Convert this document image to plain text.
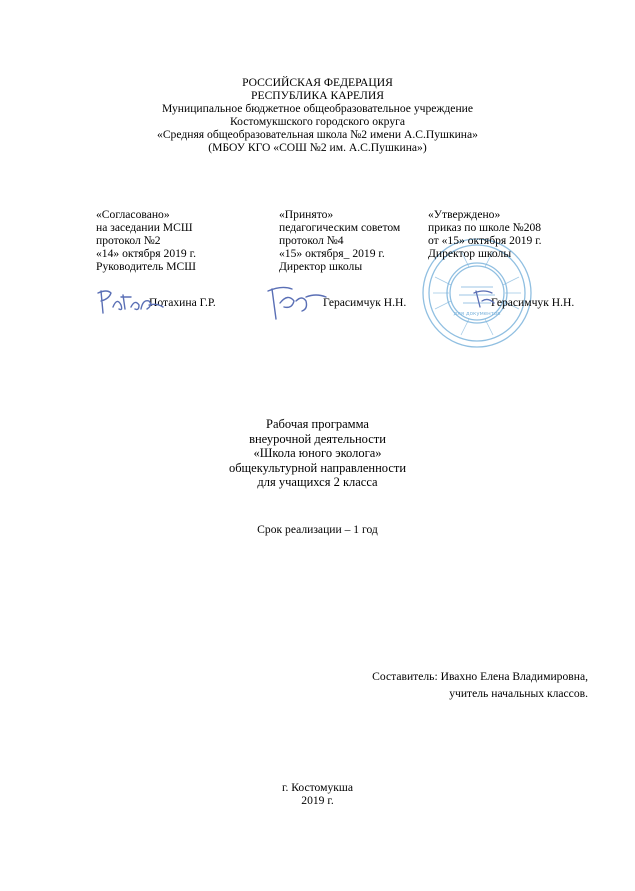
РОССИЙСКАЯ ФЕДЕРАЦИЯ
РЕСПУБЛИКА КАРЕЛИЯ
Муниципальное бюджетное общеобразовательное учреждение
Костомукшского городского округа
«Средняя общеобразовательная школа №2 имени А.С.Пушкина»
(МБОУ КГО «СОШ №2 им. А.С.Пушкина»)
«Согласовано»
на заседании МСШ
протокол №2
«14» октября 2019 г.
Руководитель МСШ
Потахина Г.Р.
«Принято»
педагогическим советом
протокол №4
«15» октября_ 2019 г.
Директор школы
Герасимчук Н.Н.
для документов
«Утверждено»
приказ по школе №208
от «15» октября 2019 г.
Директор школы
Герасимчук Н.Н.
Рабочая программа
внеурочной деятельности
«Школа юного эколога»
общекультурной направленности
для учащихся 2 класса
Срок реализации – 1 год
Составитель: Ивахно Елена Владимировна,
учитель начальных классов.
г. Костомукша
2019 г.
